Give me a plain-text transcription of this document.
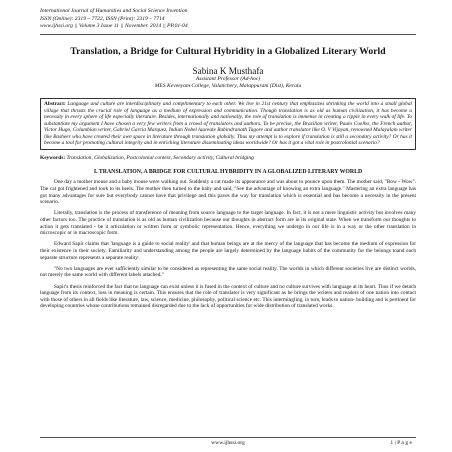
International Journal of Humanities and Social Science Invention
ISSN (Online): 2319 – 7722, ISSN (Print): 2319 – 7714
www.ijhssi.org || Volume 3 Issue 11 || November. 2014 || PP.01-04
Translation, a Bridge for Cultural Hybridity in a Globalized Literary World
Sabina K Musthafa
Assistant Professor (Ad-hoc)
MES Keveeyam College, Valanchery, Malappuram (Dist), Kerala
Abstract: Language and culture are interdisciplinary and complimentary to each other. We live in 21st century that emphasizes shrinking the world into a small global village that thrusts the crucial role of language as a medium of expression and communication. Though translation is as old as human civilization, it has become a necessity in every sphere of life especially literature. Besides, internationally and nationally, the role of translation is immense in creating a ripple in every walk of life. To substantiate my argument I have chosen a very few writers from a crowd of translators and authors. To be precise, the Brazilian writer, Paulo Coelho, the French author, Victor Hugo, Columbian writer, Gabriel Garcia Marquez, Indian Nobel laureate Rabindranath Tagore and author translator like O. V Vijayan, renowned Malayalam writer like Basheer who have created their own space in literature through translation globally. Thus my attempt is to explore if translation is still a secondary activity? Or has it become a tool for promoting cultural integrity and in enriching literature disseminating ideas worldwide? Or has it got a vital role in postcolonial scenario?
Keywords: Translation, Globalization, Postcolonial context, Secondary activity, Cultural bridging
I. TRANSLATION, A BRIDGE FOR CULTURAL HYBRIDITY IN A GLOBALIZED LITERARY WORLD
One day a mother mouse and a baby mouse were walking out. Suddenly a cat made its appearance and was about to pounce upon them. The mother said, "Bow - Wow". The cat got frightened and took to its heels. The mother then turned to the baby and said, "See the advantage of knowing an extra language." Mastering an extra language has got many advantages for sure but everybody cannot have that privilege and this paves the way for translation which is essential and has become a necessity in the present scenario.
Literally, translation is the process of transference of meaning from source language to the target language. In fact, it is not a mere linguistic activity but involves many other factors too. The practice of translation is as old as human civilization because our thoughts in abstract form are in its original state. When we transform our thoughts to action it gets translated - be it articulation or written form or symbolic representation. Hence, everything we undergo in our life is in a way or the other translation in microscopic or in macroscopic form.
Edward Sapir claims that 'language is a guide to social reality' and that human beings are at the mercy of the language that has become the medium of expression for their existence in their society. Familiarity and understanding among the people are largely determined by the language habits of the community for the belongs toand each separate structure represents a separate reality:
"No two languages are ever sufficiently similar to be considered as representing the same social reality. The worlds in which different societies live are distinct worlds, not merely the same world with different labels attached."
Sapir's thesis reinforced the fact that no language can exist unless it is fused in the context of culture and no culture survives with language at its heart. Thus if we detach language from its context, loss in meaning is certain. This ensures that the role of translator is very significant as he brings the writers and readers of one nation into contact with those of others in all fields like literature, law, science, medicine, philosophy, political science etc. This intermingling, in turn, leads to nation- building and is pertinent for developing countries whose contributions remained disregarded due to the lack of opportunities for wide distribution of translated works.
www.ijhssi.org	1 | P a g e
